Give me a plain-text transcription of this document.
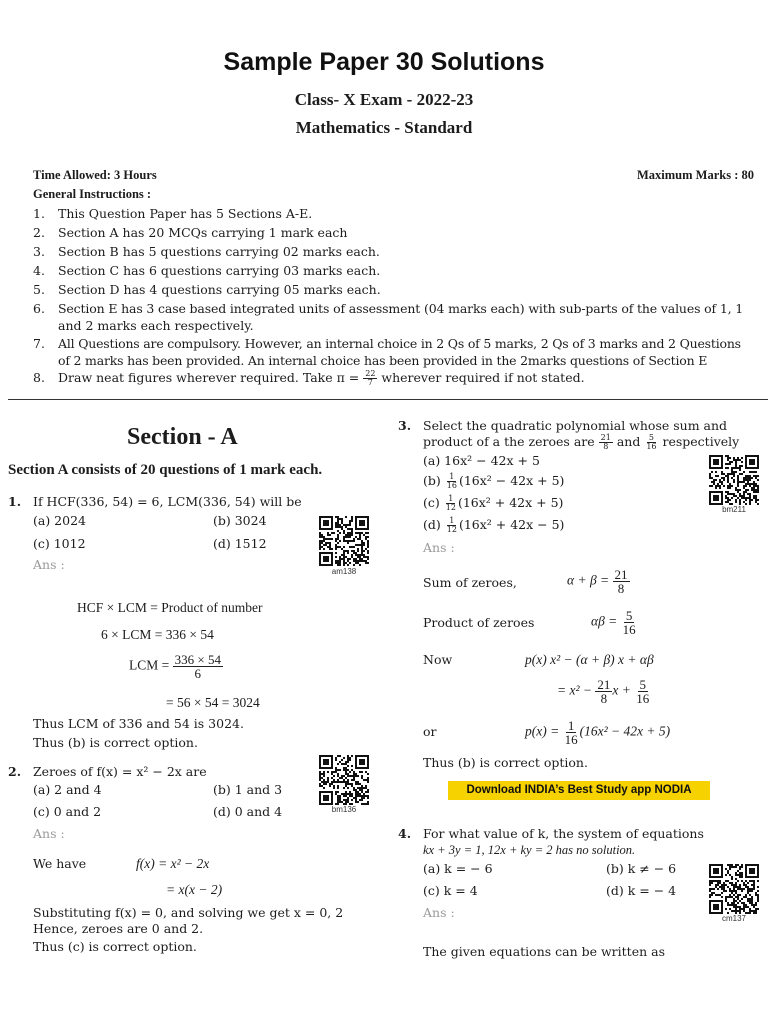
Sample Paper 30 Solutions
Class- X Exam - 2022-23
Mathematics - Standard
Time Allowed: 3 Hours	Maximum Marks : 80
General Instructions :
1. This Question Paper has 5 Sections A-E.
2. Section A has 20 MCQs carrying 1 mark each
3. Section B has 5 questions carrying 02 marks each.
4. Section C has 6 questions carrying 03 marks each.
5. Section D has 4 questions carrying 05 marks each.
6. Section E has 3 case based integrated units of assessment (04 marks each) with sub-parts of the values of 1, 1
and 2 marks each respectively.
7. All Questions are compulsory. However, an internal choice in 2 Qs of 5 marks, 2 Qs of 3 marks and 2 Questions
of 2 marks has been provided. An internal choice has been provided in the 2marks questions of Section E
8. Draw neat figures wherever required. Take $\pi = \frac{22}{7}$ wherever required if not stated.
Section - A
Section A consists of 20 questions of 1 mark each.
1. If HCF(336, 54) = 6, LCM(336, 54) will be
(a) 2024	(b) 3024
(c) 1012	(d) 1512
Ans :	am138
HCF × LCM = Product of number
6 × LCM = 336 × 54
LCM = $\frac{336 \times 54}{6}$
= 56 × 54 = 3024
Thus LCM of 336 and 54 is 3024.
Thus (b) is correct option.
2. Zeroes of f(x) = x² − 2x are
(a) 2 and 4	(b) 1 and 3
(c) 0 and 2	(d) 0 and 4
Ans :
bm136
We have	f(x) = x² − 2x
= x(x − 2)
Substituting f(x) = 0, and solving we get x = 0, 2
Hence, zeroes are 0 and 2.
Thus (c) is correct option.
3. Select the quadratic polynomial whose sum and
product of a the zeroes are $\frac{21}{8}$ and $\frac{5}{16}$ respectively
(a) 16x² − 42x + 5
$(b) \frac{1}{16} (16x^2 - 42x + 5)$
$(c) \frac{1}{12} (16x^2 + 42x + 5)$
$(d) \frac{1}{12} (16x^2 + 42x - 5)$
Ans :
bm211
Sum of zeroes,	$\alpha + \beta = \frac{21}{8}$
Product of zeroes	$\alpha\beta = \frac{5}{16}$
Now	p(x) x² − (α + β) x + αβ
= $x^2 - \frac{21}{8}$ $x + \frac{5}{16}$
or	$p(x) = \frac{1}{16} (16x^2 - 42x + 5)$
Thus (b) is correct option.
Download INDIA’s Best Study app NODIA
4. For what value of k, the system of equations
kx + 3y = 1, 12x + ky = 2 has no solution.
(a) k = − 6	(b) k ≠ − 6
(c) k = 4	(d) k = − 4
Ans :	cm137
The given equations can be written as
